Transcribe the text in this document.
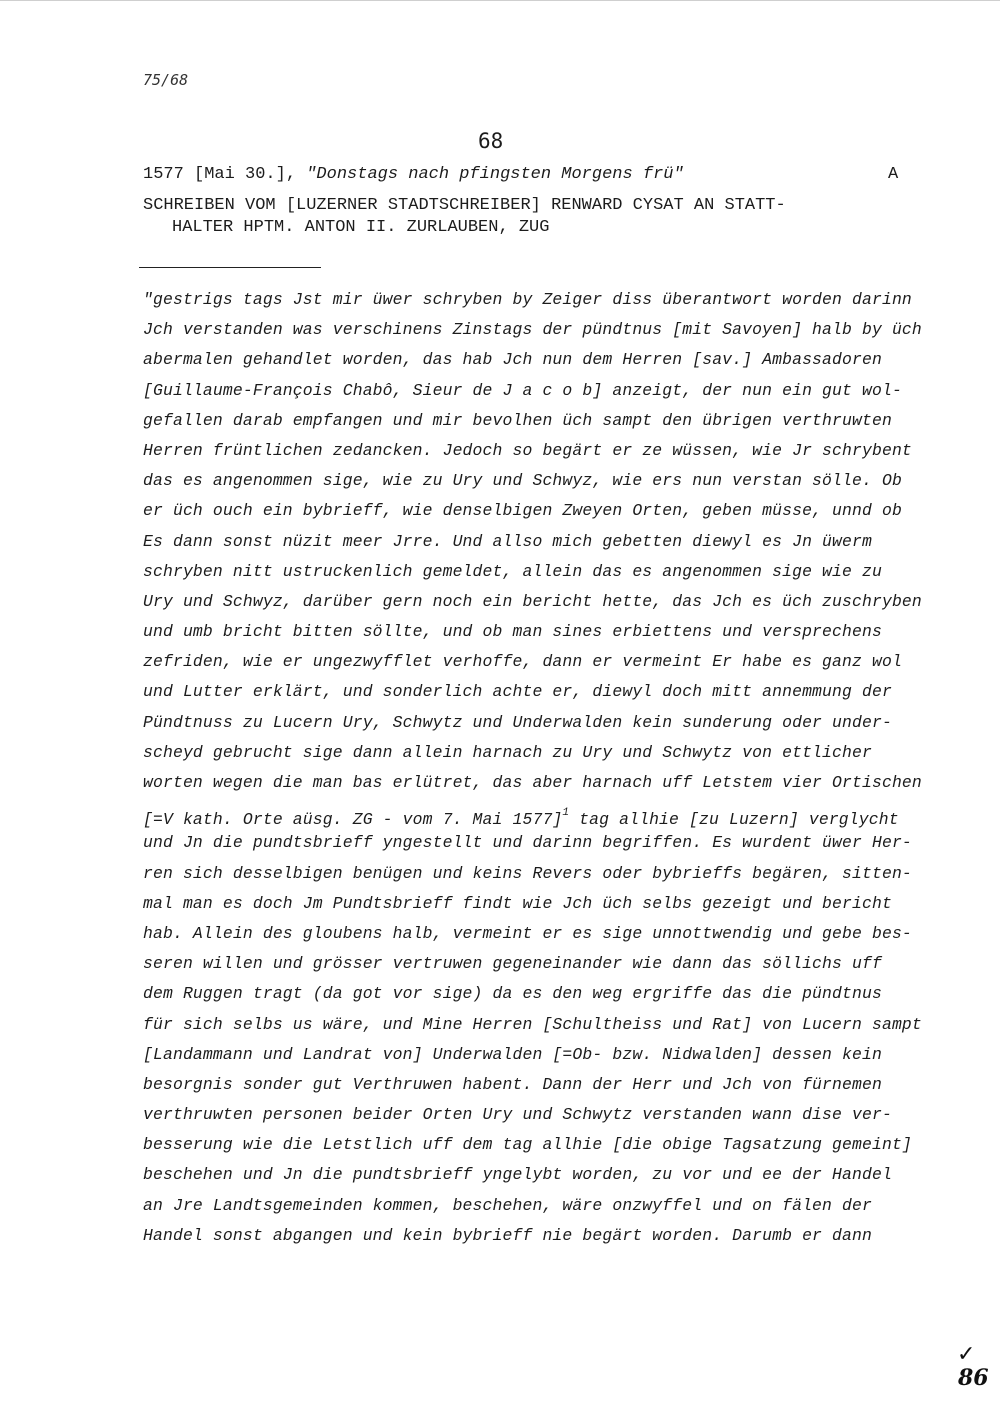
75/68
68
1577 [Mai 30.], "Donstags nach pfingsten Morgens frü"	A
SCHREIBEN VOM [LUZERNER STADTSCHREIBER] RENWARD CYSAT AN STATT-
HALTER HPTM. ANTON II. ZURLAUBEN, ZUG
"gestrigs tags Jst mir üwer schryben by Zeiger diss überantwort worden darinn
Jch verstanden was verschinens Zinstags der pündtnus [mit Savoyen] halb by üch
abermalen gehandlet worden, das hab Jch nun dem Herren [sav.] Ambassadoren
[Guillaume-François Chabô, Sieur de J a c o b] anzeigt, der nun ein gut wol-
gefallen darab empfangen und mir bevolhen üch sampt den übrigen verthruwten
Herren früntlichen zedancken. Jedoch so begärt er ze wüssen, wie Jr schrybent
das es angenommen sige, wie zu Ury und Schwyz, wie ers nun verstan sölle. Ob
er üch ouch ein bybrieff, wie denselbigen Zweyen Orten, geben müsse, unnd ob
Es dann sonst nüzit meer Jrre. Und allso mich gebetten diewyl es Jn üwerm
schryben nitt ustruckenlich gemeldet, allein das es angenommen sige wie zu
Ury und Schwyz, darüber gern noch ein bericht hette, das Jch es üch zuschryben
und umb bricht bitten söllte, und ob man sines erbiettens und versprechens
zefriden, wie er ungezwyfflet verhoffe, dann er vermeint Er habe es ganz wol
und Lutter erklärt, und sonderlich achte er, diewyl doch mitt annemmung der
Pündtnuss zu Lucern Ury, Schwytz und Underwalden kein sunderung oder under-
scheyd gebrucht sige dann allein harnach zu Ury und Schwytz von ettlicher
worten wegen die man bas erlütret, das aber harnach uff Letstem vier Ortischen
[=V kath. Orte aüsg. ZG - vom 7. Mai 1577]$^1$ tag allhie [zu Luzern] verglycht
und Jn die pundtsbrieff yngestellt und darinn begriffen. Es wurdent üwer Her-
ren sich desselbigen benügen und keins Revers oder bybrieffs begären, sitten-
mal man es doch Jm Pundtsbrieff findt wie Jch üch selbs gezeigt und bericht
hab. Allein des gloubens halb, vermeint er es sige unnottwendig und gebe bes-
seren willen und grösser vertruwen gegeneinander wie dann das söllichs uff
dem Ruggen tragt (da got vor sige) da es den weg ergriffe das die pündtnus
für sich selbs us wäre, und Mine Herren [Schultheiss und Rat] von Lucern sampt
[Landammann und Landrat von] Underwalden [=Ob- bzw. Nidwalden] dessen kein
besorgnis sonder gut Verthruwen habent. Dann der Herr und Jch von fürnemen
verthruwten personen beider Orten Ury und Schwytz verstanden wann dise ver-
besserung wie die Letstlich uff dem tag allhie [die obige Tagsatzung gemeint]
beschehen und Jn die pundtsbrieff yngelybt worden, zu vor und ee der Handel
an Jre Landtsgemeinden kommen, beschehen, wäre onzwyffel und on fälen der
Handel sonst abgangen und kein bybrieff nie begärt worden. Darumb er dann
✓
86
